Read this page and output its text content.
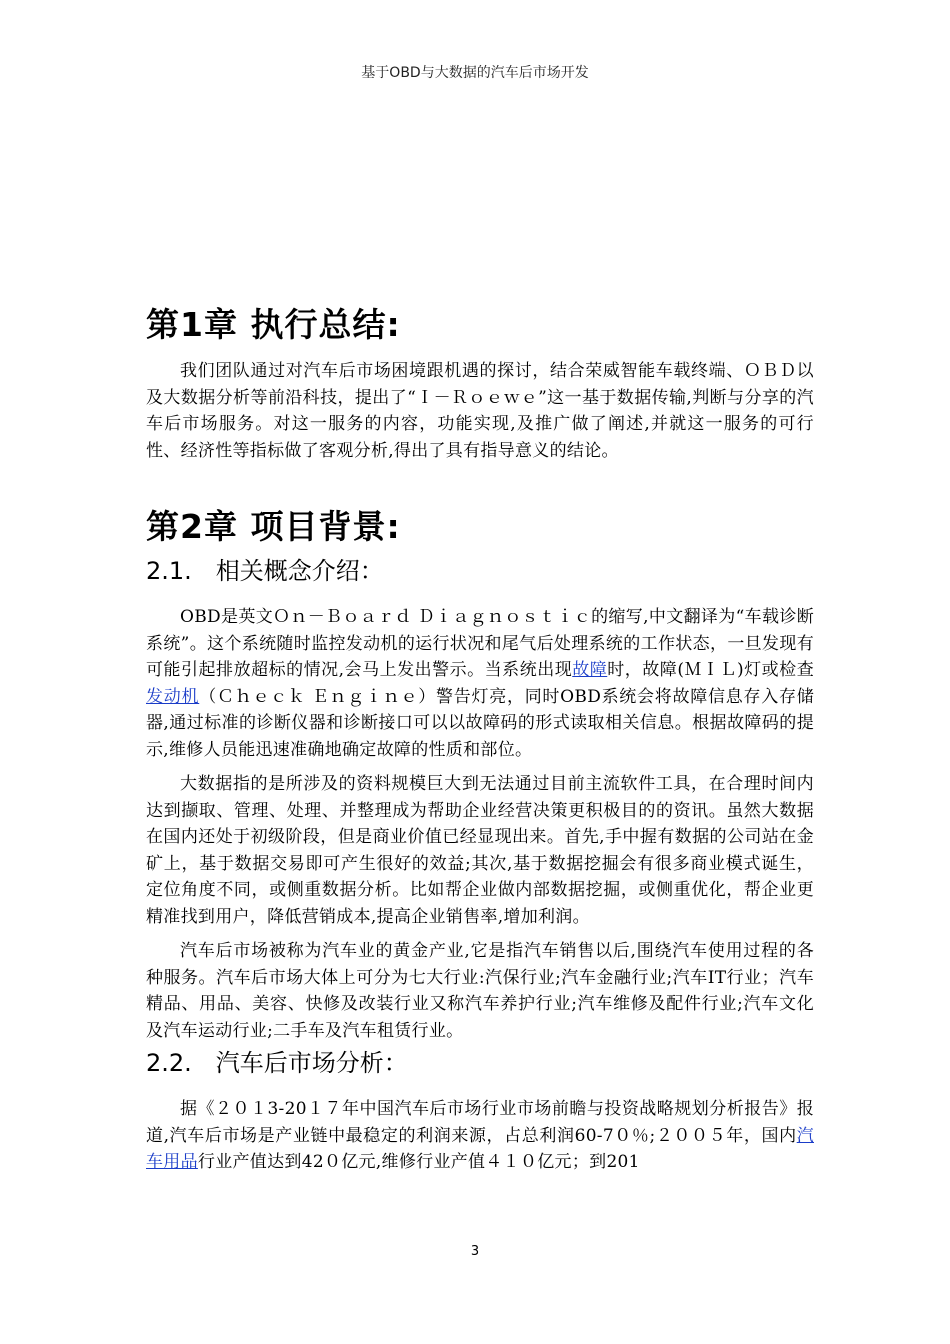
基于OBD与大数据的汽车后市场开发
第1章 执行总结:

我们团队通过对汽车后市场困境跟机遇的探讨，结合荣威智能车载终端、ＯＢＤ以及大数据分析等前沿科技，提出了“Ｉ－Ｒｏｅｗｅ”这一基于数据传输,判断与分享的汽车后市场服务。对这一服务的内容，功能实现,及推广做了阐述,并就这一服务的可行性、经济性等指标做了客观分析,得出了具有指导意义的结论。

第2章 项目背景:
2.1.　相关概念介绍：

OBD是英文Ｏｎ－Ｂｏａｒｄ Ｄｉａｇｎｏｓｔｉｃ的缩写,中文翻译为“车载诊断系统”。这个系统随时监控发动机的运行状况和尾气后处理系统的工作状态，一旦发现有可能引起排放超标的情况,会马上发出警示。当系统出现故障时，故障(ＭＩＬ)灯或检查发动机（Ｃｈｅｃｋ Ｅｎｇｉｎｅ）警告灯亮，同时OBD系统会将故障信息存入存储器,通过标准的诊断仪器和诊断接口可以以故障码的形式读取相关信息。根据故障码的提示,维修人员能迅速准确地确定故障的性质和部位。

大数据指的是所涉及的资料规模巨大到无法通过目前主流软件工具，在合理时间内达到撷取、管理、处理、并整理成为帮助企业经营决策更积极目的的资讯。虽然大数据在国内还处于初级阶段，但是商业价值已经显现出来。首先,手中握有数据的公司站在金矿上，基于数据交易即可产生很好的效益;其次,基于数据挖掘会有很多商业模式诞生，定位角度不同，或侧重数据分析。比如帮企业做内部数据挖掘，或侧重优化，帮企业更精准找到用户，降低营销成本,提高企业销售率,增加利润。

汽车后市场被称为汽车业的黄金产业,它是指汽车销售以后,围绕汽车使用过程的各种服务。汽车后市场大体上可分为七大行业:汽保行业;汽车金融行业;汽车IT行业；汽车精品、用品、美容、快修及改装行业又称汽车养护行业;汽车维修及配件行业;汽车文化及汽车运动行业;二手车及汽车租赁行业。

2.2.　汽车后市场分析：

据《２０１3-20１７年中国汽车后市场行业市场前瞻与投资战略规划分析报告》报道,汽车后市场是产业链中最稳定的利润来源，占总利润60-7０％;２００５年，国内汽车用品行业产值达到42０亿元,维修行业产值４１０亿元；到201

3
